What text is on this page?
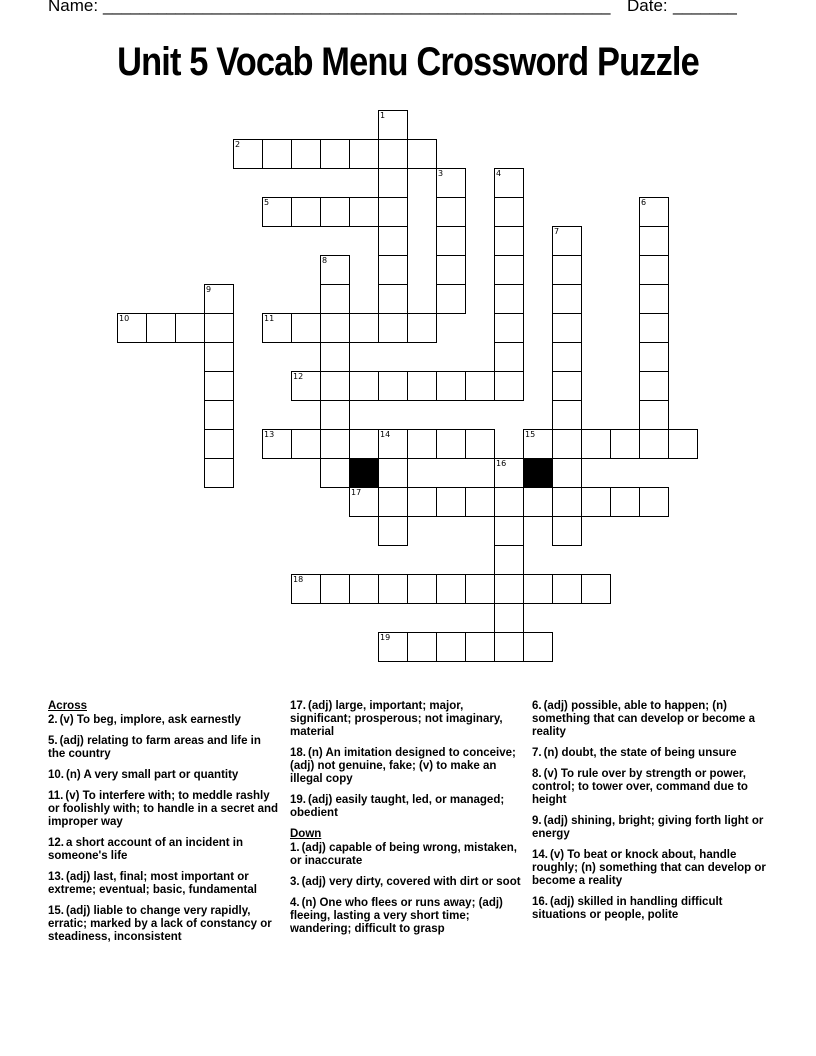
Name: ________________________________________________________ Date: _______
Unit 5 Vocab Menu Crossword Puzzle
1
2
3	4
5	6
7
8
9
10	11
12
13	14	15
16
17
18
19
Across
2. (v) To beg, implore, ask earnestly
5. (adj) relating to farm areas and life in the country
10. (n) A very small part or quantity
11. (v) To interfere with; to meddle rashly or foolishly with; to handle in a secret and improper way
12. a short account of an incident in someone's life
13. (adj) last, final; most important or extreme; eventual; basic, fundamental
15. (adj) liable to change very rapidly, erratic; marked by a lack of constancy or steadiness, inconsistent
17. (adj) large, important; major, significant; prosperous; not imaginary, material
18. (n) An imitation designed to conceive; (adj) not genuine, fake; (v) to make an illegal copy
19. (adj) easily taught, led, or managed; obedient
Down
1. (adj) capable of being wrong, mistaken, or inaccurate
3. (adj) very dirty, covered with dirt or soot
4. (n) One who flees or runs away; (adj) fleeing, lasting a very short time; wandering; difficult to grasp
6. (adj) possible, able to happen; (n) something that can develop or become a reality
7. (n) doubt, the state of being unsure
8. (v) To rule over by strength or power, control; to tower over, command due to height
9. (adj) shining, bright; giving forth light or energy
14. (v) To beat or knock about, handle roughly; (n) something that can develop or become a reality
16. (adj) skilled in handling difficult situations or people, polite
